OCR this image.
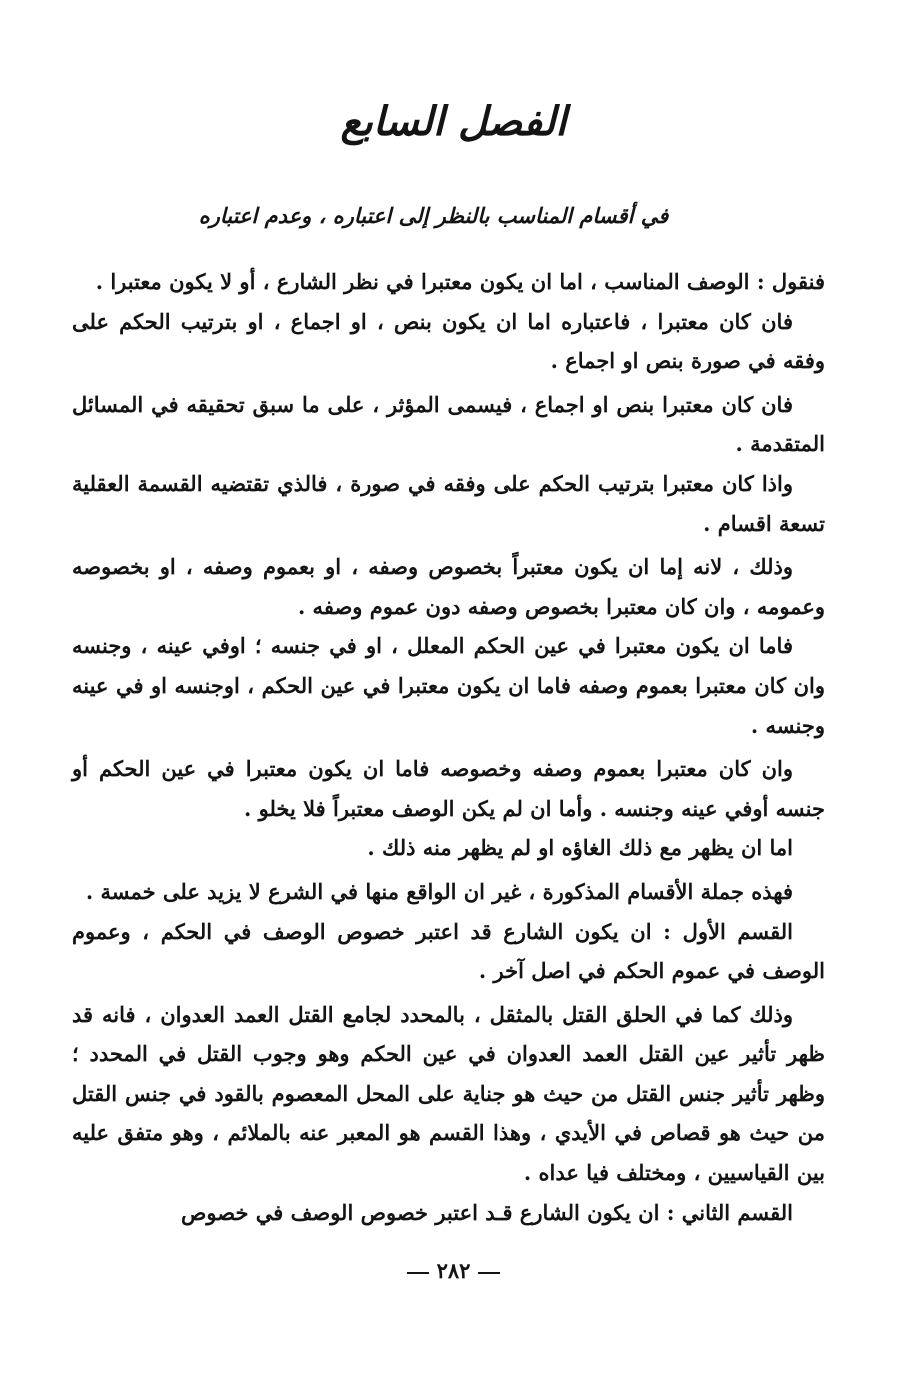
الفصل السابع
في أقسام المناسب بالنظر إلى اعتباره ، وعدم اعتباره

فنقول : الوصف المناسب ، اما ان يكون معتبرا في نظر الشارع ، أو لا يكون معتبرا .

فان كان معتبرا ، فاعتباره اما ان يكون بنص ، او اجماع ، او بترتيب الحكم على وفقه في صورة بنص او اجماع .

فان كان معتبرا بنص او اجماع ، فيسمى المؤثر ، على ما سبق تحقيقه في المسائل المتقدمة .

واذا كان معتبرا بترتيب الحكم على وفقه في صورة ، فالذي تقتضيه القسمة العقلية تسعة اقسام .

وذلك ، لانه إما ان يكون معتبراً بخصوص وصفه ، او بعموم وصفه ، او بخصوصه وعمومه ، وان كان معتبرا بخصوص وصفه دون عموم وصفه .

فاما ان يكون معتبرا في عين الحكم المعلل ، او في جنسه ؛ اوفي عينه ، وجنسه وان كان معتبرا بعموم وصفه فاما ان يكون معتبرا في عين الحكم ، اوجنسه او في عينه وجنسه .

وان كان معتبرا بعموم وصفه وخصوصه فاما ان يكون معتبرا في عين الحكم أو جنسه أوفي عينه وجنسه . وأما ان لم يكن الوصف معتبراً فلا يخلو .

اما ان يظهر مع ذلك الغاؤه او لم يظهر منه ذلك .

فهذه جملة الأقسام المذكورة ، غير ان الواقع منها في الشرع لا يزيد على خمسة .

القسم الأول : ان يكون الشارع قد اعتبر خصوص الوصف في الحكم ، وعموم الوصف في عموم الحكم في اصل آخر .

وذلك كما في الحلق القتل بالمثقل ، بالمحدد لجامع القتل العمد العدوان ، فانه قد ظهر تأثير عين القتل العمد العدوان في عين الحكم وهو وجوب القتل في المحدد ؛ وظهر تأثير جنس القتل من حيث هو جناية على المحل المعصوم بالقود في جنس القتل من حيث هو قصاص في الأيدي ، وهذا القسم هو المعبر عنه بالملائم ، وهو متفق عليه بين القياسيين ، ومختلف فيا عداه .

القسم الثاني : ان يكون الشارع قـد اعتبر خصوص الوصف في خصوص

٢٨٢
